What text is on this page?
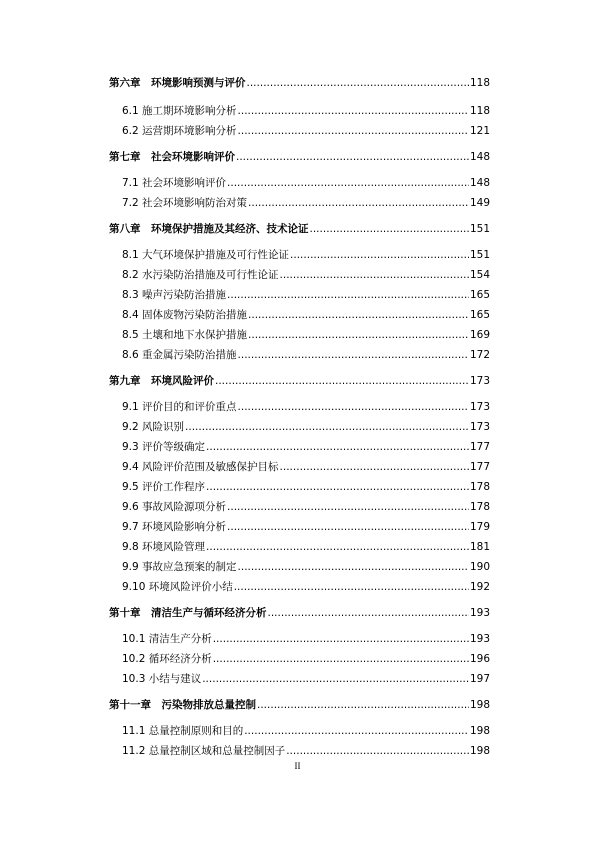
第六章　环境影响预测与评价 .....	118
6.1 施工期环境影响分析 .....	118
6.2 运营期环境影响分析 .....	121
第七章　社会环境影响评价 .....	148
7.1 社会环境影响评价 .....	148
7.2 社会环境影响防治对策 .....	149
第八章　环境保护措施及其经济、技术论证 .....	151
8.1 大气环境保护措施及可行性论证 .....	151
8.2 水污染防治措施及可行性论证 .....	154
8.3 噪声污染防治措施 .....	165
8.4 固体废物污染防治措施 .....	165
8.5 土壤和地下水保护措施 .....	169
8.6 重金属污染防治措施 .....	172
第九章　环境风险评价 .....	173
9.1 评价目的和评价重点 .....	173
9.2 风险识别 .....	173
9.3 评价等级确定 .....	177
9.4 风险评价范围及敏感保护目标 .....	177
9.5 评价工作程序 .....	178
9.6 事故风险源项分析 .....	178
9.7 环境风险影响分析 .....	179
9.8 环境风险管理 .....	181
9.9 事故应急预案的制定 .....	190
9.10 环境风险评价小结 .....	192
第十章　清洁生产与循环经济分析 .....	193
10.1 清洁生产分析 .....	193
10.2 循环经济分析 .....	196
10.3 小结与建议 .....	197
第十一章　污染物排放总量控制 .....	198
11.1 总量控制原则和目的 .....	198
11.2 总量控制区域和总量控制因子 .....	198
II
